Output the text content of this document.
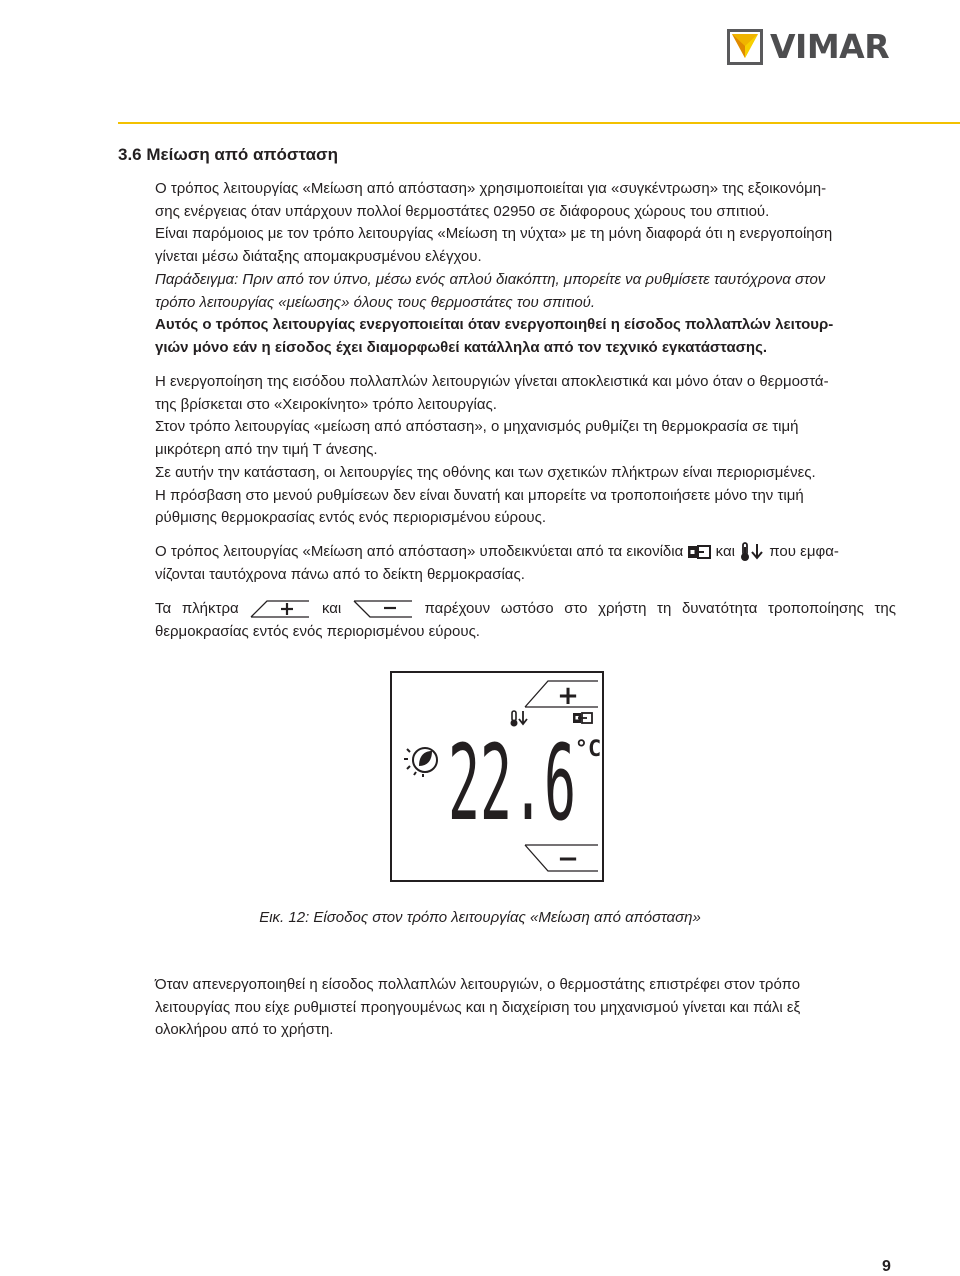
VIMAR
3.6 Μείωση από απόσταση

Ο τρόπος λειτουργίας «Μείωση από απόσταση» χρησιμοποιείται για «συγκέντρωση» της εξοικονόμη-

σης ενέργειας όταν υπάρχουν πολλοί θερμοστάτες 02950 σε διάφορους χώρους του σπιτιού.

Είναι παρόμοιος με τον τρόπο λειτουργίας «Μείωση τη νύχτα» με τη μόνη διαφορά ότι η ενεργοποίηση

γίνεται μέσω διάταξης απομακρυσμένου ελέγχου.

Παράδειγμα: Πριν από τον ύπνο, μέσω ενός απλού διακόπτη, μπορείτε να ρυθμίσετε ταυτόχρονα στον

τρόπο λειτουργίας «μείωσης» όλους τους θερμοστάτες του σπιτιού.

Αυτός ο τρόπος λειτουργίας ενεργοποιείται όταν ενεργοποιηθεί η είσοδος πολλαπλών λειτουρ-

γιών μόνο εάν η είσοδος έχει διαμορφωθεί κατάλληλα από τον τεχνικό εγκατάστασης.

Η ενεργοποίηση της εισόδου πολλαπλών λειτουργιών γίνεται αποκλειστικά και μόνο όταν ο θερμοστά-

της βρίσκεται στο «Χειροκίνητο» τρόπο λειτουργίας.

Στον τρόπο λειτουργίας «μείωση από απόσταση», ο μηχανισμός ρυθμίζει τη θερμοκρασία σε τιμή

μικρότερη από την τιμή T άνεσης.

Σε αυτήν την κατάσταση, οι λειτουργίες της οθόνης και των σχετικών πλήκτρων είναι περιορισμένες.

Η πρόσβαση στο μενού ρυθμίσεων δεν είναι δυνατή και μπορείτε να τροποποιήσετε μόνο την τιμή

ρύθμισης θερμοκρασίας εντός ενός περιορισμένου εύρους.

Ο τρόπος λειτουργίας «Μείωση από απόσταση» υποδεικνύεται από τα εικονίδια και που εμφα-

νίζονται ταυτόχρονα πάνω από το δείκτη θερμοκρασίας.

Τα πλήκτρα	και	παρέχουν ωστόσο στο χρήστη τη δυνατότητα τροποποίησης της

θερμοκρασίας εντός ενός περιορισμένου εύρους.

+
°C
22.6
−
Εικ. 12: Είσοδος στον τρόπο λειτουργίας «Μείωση από απόσταση»

Όταν απενεργοποιηθεί η είσοδος πολλαπλών λειτουργιών, ο θερμοστάτης επιστρέφει στον τρόπο

λειτουργίας που είχε ρυθμιστεί προηγουμένως και η διαχείριση του μηχανισμού γίνεται και πάλι εξ

ολοκλήρου από το χρήστη.

9
